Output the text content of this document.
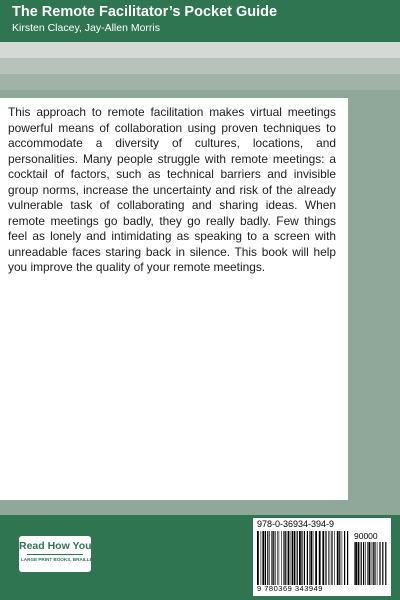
The Remote Facilitator’s Pocket Guide
Kirsten Clacey, Jay-Allen Morris

This approach to remote facilitation makes virtual meetings powerful means of collaboration using proven techniques to accommodate a diversity of cultures, locations, and personalities. Many people struggle with remote meetings: a cocktail of factors, such as technical barriers and invisible group norms, increase the uncertainty and risk of the already vulnerable task of collaborating and sharing ideas. When remote meetings go badly, they go really badly. Few things feel as lonely and intimidating as speaking to a screen with unreadable faces staring back in silence. This book will help you improve the quality of your remote meetings.

Read How You Want
LARGE PRINT BOOKS, BRAILLE & DAISY
978-0-36934-394-9
90000
9 780369 343949
